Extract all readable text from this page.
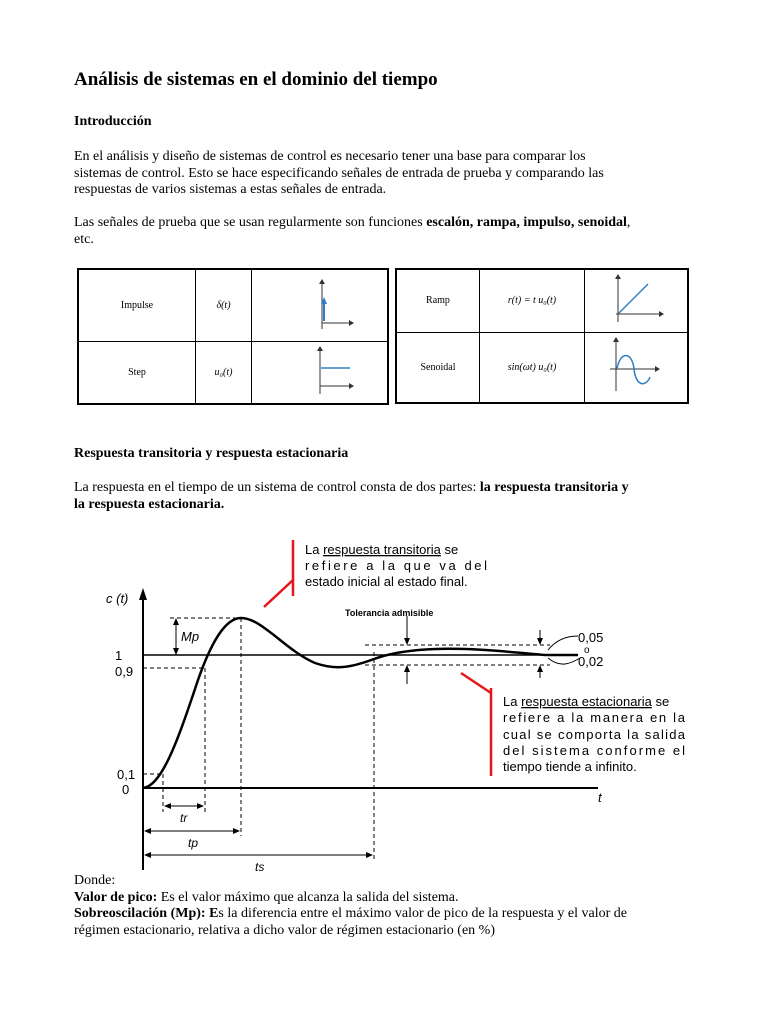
Análisis de sistemas en el dominio del tiempo
Introducción
En el análisis y diseño de sistemas de control es necesario tener una base para comparar los
sistemas de control. Esto se hace especificando señales de entrada de prueba y comparando las
respuestas de varios sistemas a estas señales de entrada.
Las señales de prueba que se usan regularmente son funciones escalón, rampa, impulso, senoidal,
etc.
Impulse	δ(t)	
Step	u₀(t)	
Ramp	r(t) = t u₀(t)	
Senoidal	sin(ωt) u₀(t)	
Respuesta transitoria y respuesta estacionaria
La respuesta en el tiempo de un sistema de control consta de dos partes: la respuesta transitoria y
la respuesta estacionaria.
c (t)
t
1
0,9
0,1
0
Mp
tr
tp
ts
Tolerancia admisible
0,05
o
0,02
La respuesta transitoria se
refiere a la que va del
estado inicial al estado final.
La respuesta estacionaria se
refiere a la manera en la
cual se comporta la salida
del sistema conforme el
tiempo tiende a infinito.
Donde:
Valor de pico: Es el valor máximo que alcanza la salida del sistema.
Sobreoscilación (Mp): Es la diferencia entre el máximo valor de pico de la respuesta y el valor de
régimen estacionario, relativa a dicho valor de régimen estacionario (en %)
